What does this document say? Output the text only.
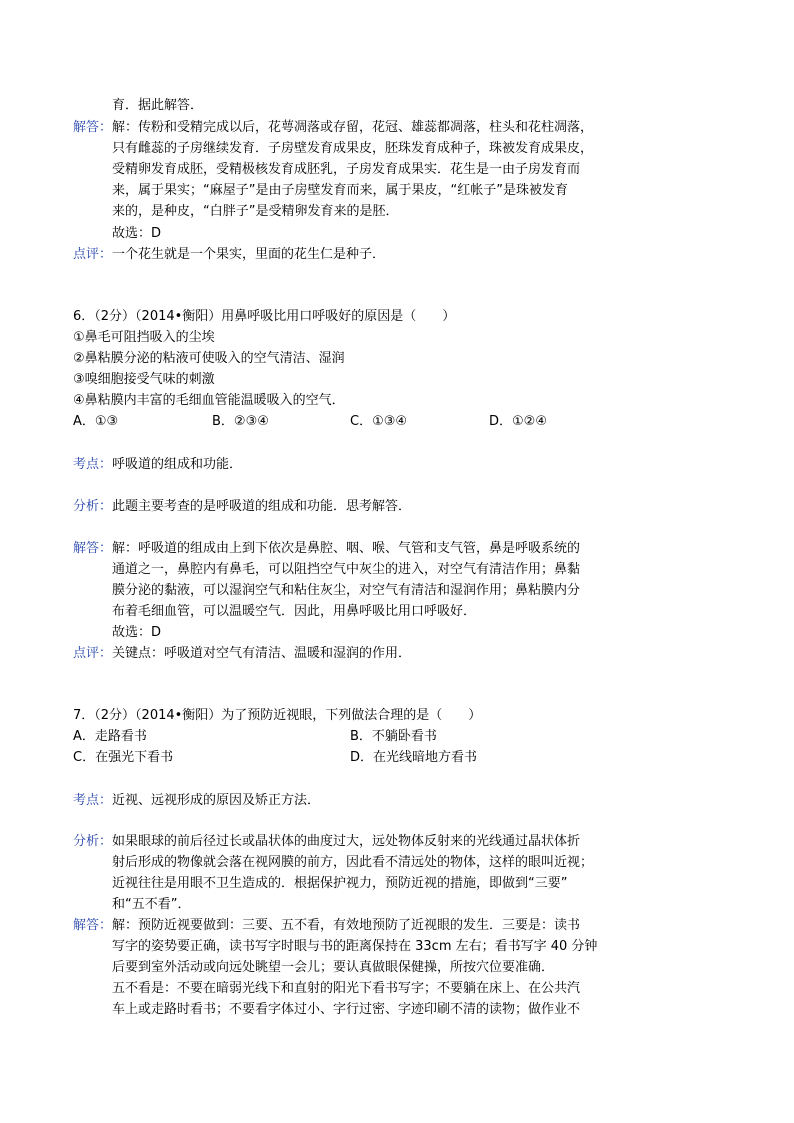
育．据此解答．
解答： 解：传粉和受精完成以后，花萼凋落或存留，花冠、雄蕊都凋落，柱头和花柱凋落，
只有雌蕊的子房继续发育．子房壁发育成果皮，胚珠发育成种子，珠被发育成果皮，
受精卵发育成胚，受精极核发育成胚乳，子房发育成果实．花生是一由子房发育而
来，属于果实；“麻屋子”是由子房壁发育而来，属于果皮，“红帐子”是珠被发育
来的，是种皮，“白胖子”是受精卵发育来的是胚．
故选：D
点评： 一个花生就是一个果实，里面的花生仁是种子．
6．（2分）（2014•衡阳）用鼻呼吸比用口呼吸好的原因是（　　）
①鼻毛可阻挡吸入的尘埃
②鼻粘膜分泌的粘液可使吸入的空气清洁、湿润
③嗅细胞接受气味的刺激
④鼻粘膜内丰富的毛细血管能温暖吸入的空气．
A．①③	B．②③④	C．①③④	D．①②④
考点： 呼吸道的组成和功能．
分析： 此题主要考查的是呼吸道的组成和功能．思考解答．
解答： 解：呼吸道的组成由上到下依次是鼻腔、咽、喉、气管和支气管，鼻是呼吸系统的
通道之一，鼻腔内有鼻毛，可以阻挡空气中灰尘的进入，对空气有清洁作用；鼻黏
膜分泌的黏液，可以湿润空气和粘住灰尘，对空气有清洁和湿润作用；鼻粘膜内分
布着毛细血管，可以温暖空气．因此，用鼻呼吸比用口呼吸好．
故选：D
点评： 关键点：呼吸道对空气有清洁、温暖和湿润的作用．
7．（2分）（2014•衡阳）为了预防近视眼，下列做法合理的是（　　）
A．走路看书	B．不躺卧看书
C．在强光下看书	D．在光线暗地方看书
考点： 近视、远视形成的原因及矫正方法．
分析： 如果眼球的前后径过长或晶状体的曲度过大，远处物体反射来的光线通过晶状体折
射后形成的物像就会落在视网膜的前方，因此看不清远处的物体，这样的眼叫近视；
近视往往是用眼不卫生造成的．根据保护视力，预防近视的措施，即做到“三要”
和“五不看”．
解答： 解：预防近视要做到：三要、五不看，有效地预防了近视眼的发生．三要是：读书
写字的姿势要正确，读书写字时眼与书的距离保持在 33cm 左右；看书写字 40 分钟
后要到室外活动或向远处眺望一会儿；要认真做眼保健操，所按穴位要准确．
五不看是：不要在暗弱光线下和直射的阳光下看书写字；不要躺在床上、在公共汽
车上或走路时看书；不要看字体过小、字行过密、字迹印刷不清的读物；做作业不
